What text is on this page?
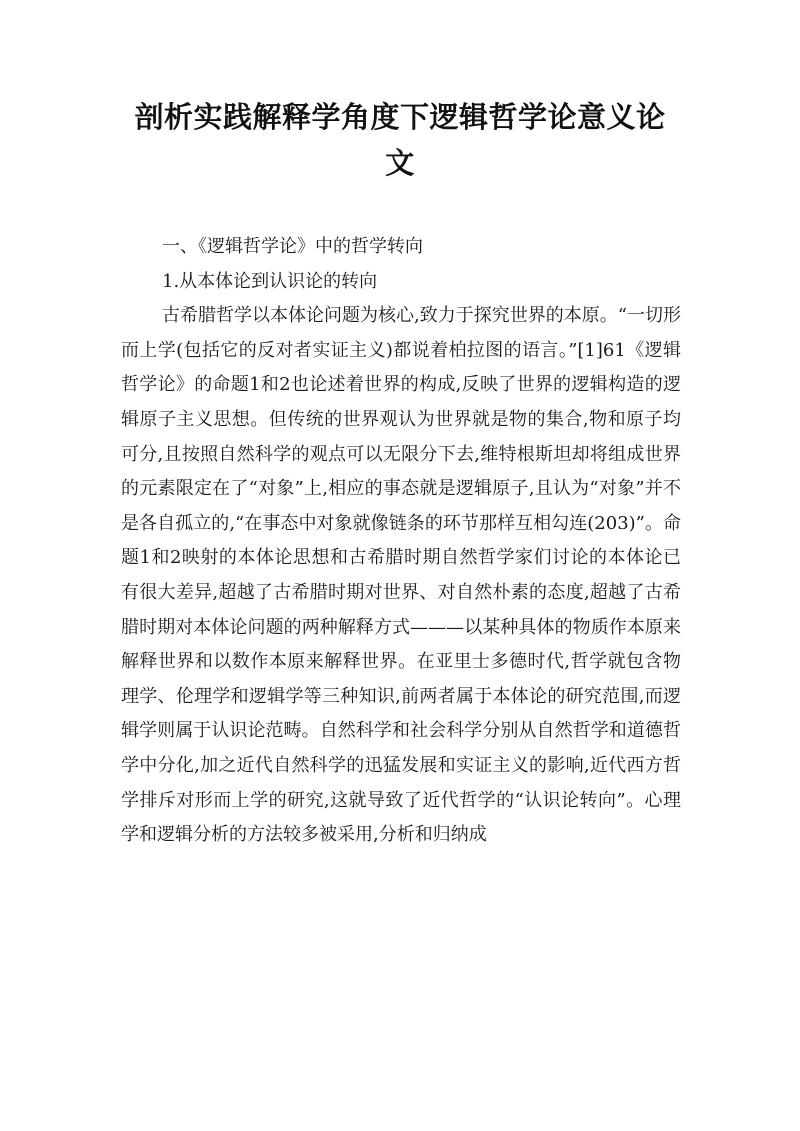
剖析实践解释学角度下逻辑哲学论意义论文

一、《逻辑哲学论》中的哲学转向

1.从本体论到认识论的转向

古希腊哲学以本体论问题为核心,致力于探究世界的本原。“一切形而上学(包括它的反对者实证主义)都说着柏拉图的语言。”[1]61《逻辑哲学论》的命题1和2也论述着世界的构成,反映了世界的逻辑构造的逻辑原子主义思想。但传统的世界观认为世界就是物的集合,物和原子均可分,且按照自然科学的观点可以无限分下去,维特根斯坦却将组成世界的元素限定在了“对象”上,相应的事态就是逻辑原子,且认为“对象”并不是各自孤立的,“在事态中对象就像链条的环节那样互相勾连(203)”。命题1和2映射的本体论思想和古希腊时期自然哲学家们讨论的本体论已有很大差异,超越了古希腊时期对世界、对自然朴素的态度,超越了古希腊时期对本体论问题的两种解释方式———以某种具体的物质作本原来解释世界和以数作本原来解释世界。在亚里士多德时代,哲学就包含物理学、伦理学和逻辑学等三种知识,前两者属于本体论的研究范围,而逻辑学则属于认识论范畴。自然科学和社会科学分别从自然哲学和道德哲学中分化,加之近代自然科学的迅猛发展和实证主义的影响,近代西方哲学排斥对形而上学的研究,这就导致了近代哲学的“认识论转向”。心理学和逻辑分析的方法较多被采用,分析和归纳成
